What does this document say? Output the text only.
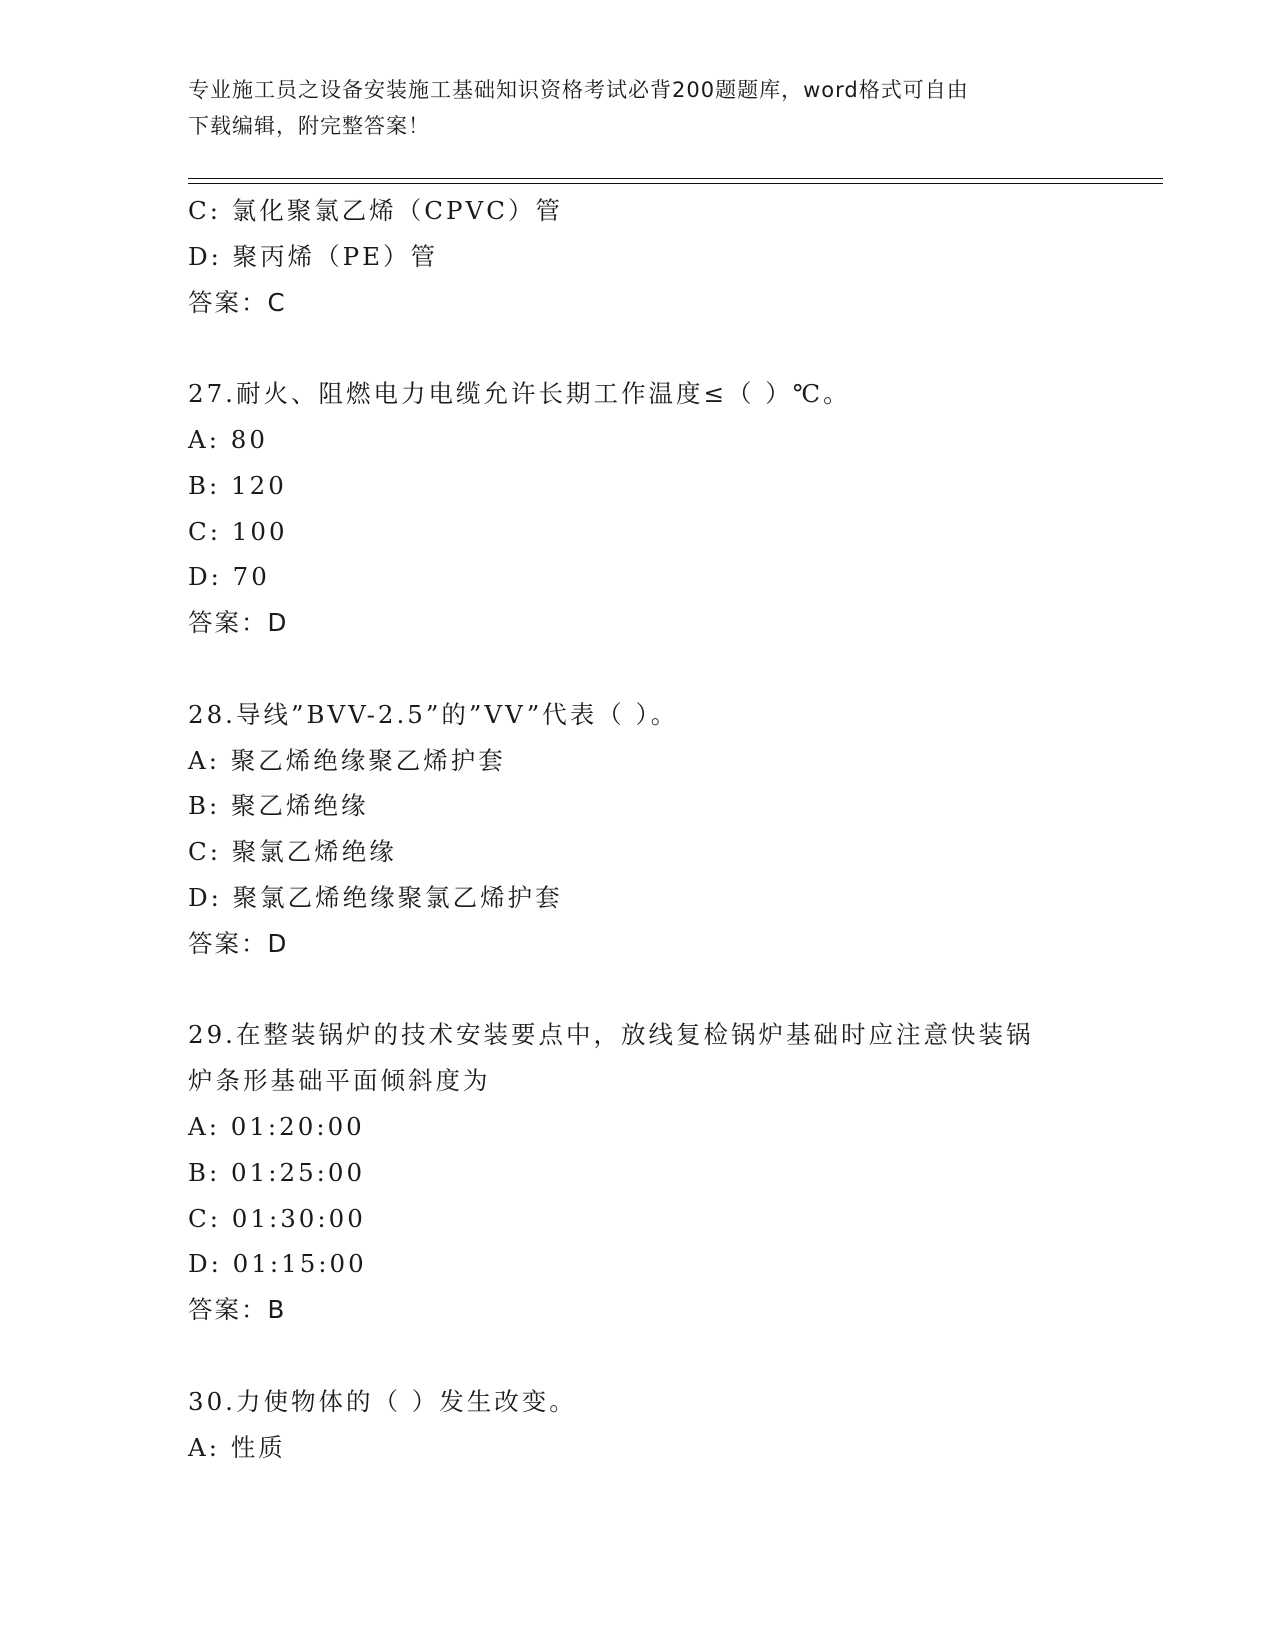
专业施工员之设备安装施工基础知识资格考试必背200题题库，word格式可自由
下载编辑，附完整答案！
C: 氯化聚氯乙烯（CPVC）管
D: 聚丙烯（PE）管
答案：C
27.耐火、阻燃电力电缆允许长期工作温度≤（ ）℃。
A: 80
B: 120
C: 100
D: 70
答案：D
28.导线”BVV-2.5”的”VV”代表（ ）。
A: 聚乙烯绝缘聚乙烯护套
B: 聚乙烯绝缘
C: 聚氯乙烯绝缘
D: 聚氯乙烯绝缘聚氯乙烯护套
答案：D
29.在整装锅炉的技术安装要点中，放线复检锅炉基础时应注意快装锅
炉条形基础平面倾斜度为
A: 01:20:00
B: 01:25:00
C: 01:30:00
D: 01:15:00
答案：B
30.力使物体的（ ）发生改变。
A: 性质
